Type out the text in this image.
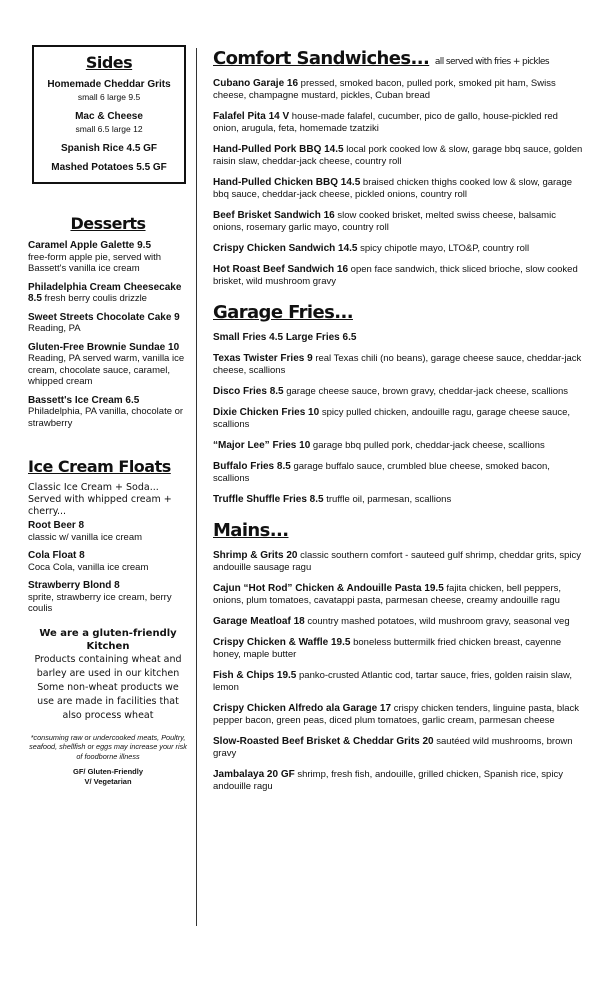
Sides
Homemade Cheddar Grits
small 6 large 9.5
Mac & Cheese
small 6.5 large 12
Spanish Rice 4.5 GF
Mashed Potatoes 5.5 GF
Desserts
Caramel Apple Galette 9.5
free-form apple pie, served with Bassett's vanilla ice cream
Philadelphia Cream Cheesecake 8.5 fresh berry coulis drizzle
Sweet Streets Chocolate Cake 9 Reading, PA
Gluten-Free Brownie Sundae 10 Reading, PA served warm, vanilla ice cream, chocolate sauce, caramel, whipped cream
Bassett's Ice Cream 6.5
Philadelphia, PA vanilla, chocolate or strawberry
Ice Cream Floats
Classic Ice Cream + Soda... Served with whipped cream + cherry...
Root Beer 8
classic w/ vanilla ice cream
Cola Float 8
Coca Cola, vanilla ice cream
Strawberry Blond 8
sprite, strawberry ice cream, berry coulis
We are a gluten-friendly Kitchen
Products containing wheat and barley are used in our kitchen Some non-wheat products we use are made in facilities that also process wheat
*consuming raw or undercooked meats, Poultry, seafood, shellfish or eggs may increase your risk of foodborne illness
GF/ Gluten-Friendly
V/ Vegetarian
Comfort Sandwiches... all served with fries + pickles
Cubano Garaje 16 pressed, smoked bacon, pulled pork, smoked pit ham, Swiss cheese, champagne mustard, pickles, Cuban bread
Falafel Pita 14 V house-made falafel, cucumber, pico de gallo, house-pickled red onion, arugula, feta, homemade tzatziki
Hand-Pulled Pork BBQ 14.5 local pork cooked low & slow, garage bbq sauce, golden raisin slaw, cheddar-jack cheese, country roll
Hand-Pulled Chicken BBQ 14.5 braised chicken thighs cooked low & slow, garage bbq sauce, cheddar-jack cheese, pickled onions, country roll
Beef Brisket Sandwich 16 slow cooked brisket, melted swiss cheese, balsamic onions, rosemary garlic mayo, country roll
Crispy Chicken Sandwich 14.5 spicy chipotle mayo, LTO&P, country roll
Hot Roast Beef Sandwich 16 open face sandwich, thick sliced brioche, slow cooked brisket, wild mushroom gravy
Garage Fries...
Small Fries 4.5 Large Fries 6.5
Texas Twister Fries 9 real Texas chili (no beans), garage cheese sauce, cheddar-jack cheese, scallions
Disco Fries 8.5 garage cheese sauce, brown gravy, cheddar-jack cheese, scallions
Dixie Chicken Fries 10 spicy pulled chicken, andouille ragu, garage cheese sauce, scallions
“Major Lee” Fries 10 garage bbq pulled pork, cheddar-jack cheese, scallions
Buffalo Fries 8.5 garage buffalo sauce, crumbled blue cheese, smoked bacon, scallions
Truffle Shuffle Fries 8.5 truffle oil, parmesan, scallions
Mains...
Shrimp & Grits 20 classic southern comfort - sauteed gulf shrimp, cheddar grits, spicy andouille sausage ragu
Cajun “Hot Rod” Chicken & Andouille Pasta 19.5 fajita chicken, bell peppers, onions, plum tomatoes, cavatappi pasta, parmesan cheese, creamy andouille ragu
Garage Meatloaf 18 country mashed potatoes, wild mushroom gravy, seasonal veg
Crispy Chicken & Waffle 19.5 boneless buttermilk fried chicken breast, cayenne honey, maple butter
Fish & Chips 19.5 panko-crusted Atlantic cod, tartar sauce, fries, golden raisin slaw, lemon
Crispy Chicken Alfredo ala Garage 17 crispy chicken tenders, linguine pasta, black pepper bacon, green peas, diced plum tomatoes, garlic cream, parmesan cheese
Slow-Roasted Beef Brisket & Cheddar Grits 20 sautéed wild mushrooms, brown gravy
Jambalaya 20 GF shrimp, fresh fish, andouille, grilled chicken, Spanish rice, spicy andouille ragu
